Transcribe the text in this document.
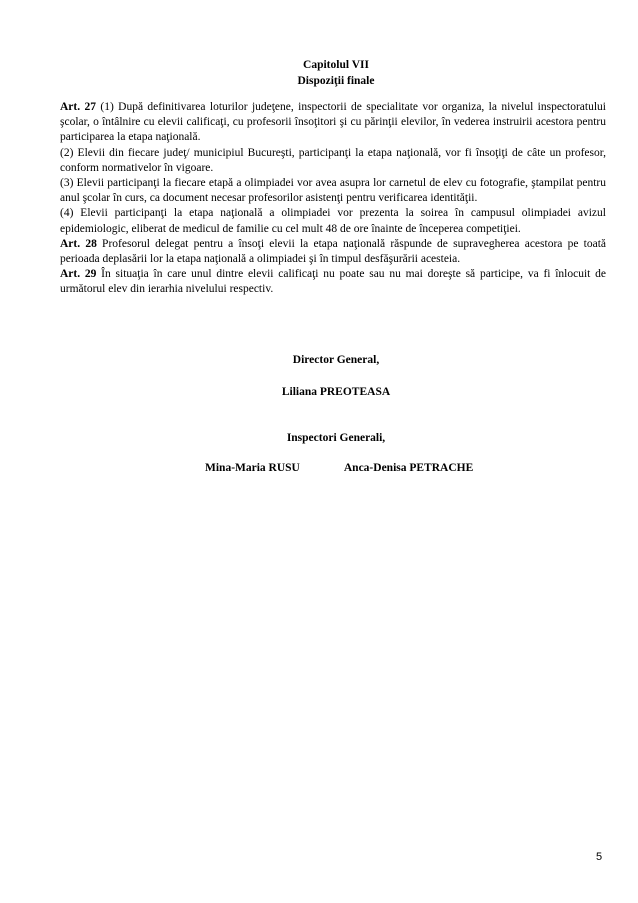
Capitolul VII
Dispoziţii finale

Art. 27 (1) După definitivarea loturilor judeţene, inspectorii de specialitate vor organiza, la nivelul inspectoratului şcolar, o întâlnire cu elevii calificaţi, cu profesorii însoţitori şi cu părinţii elevilor, în vederea instruirii acestora pentru participarea la etapa naţională.

(2) Elevii din fiecare judeţ/ municipiul Bucureşti, participanţi la etapa naţională, vor fi însoţiţi de câte un profesor, conform normativelor în vigoare.

(3) Elevii participanţi la fiecare etapă a olimpiadei vor avea asupra lor carnetul de elev cu fotografie, ştampilat pentru anul şcolar în curs, ca document necesar profesorilor asistenţi pentru verificarea identităţii.

(4) Elevii participanţi la etapa naţională a olimpiadei vor prezenta la soirea în campusul olimpiadei avizul epidemiologic, eliberat de medicul de familie cu cel mult 48 de ore înainte de începerea competiţiei.

Art. 28 Profesorul delegat pentru a însoţi elevii la etapa naţională răspunde de supravegherea acestora pe toată perioada deplasării lor la etapa naţională a olimpiadei şi în timpul desfăşurării acesteia.

Art. 29 În situaţia în care unul dintre elevii calificaţi nu poate sau nu mai doreşte să participe, va fi înlocuit de următorul elev din ierarhia nivelului respectiv.

Director General,
Liliana PREOTEASA
Inspectori Generali,
Mina-Maria RUSU	Anca-Denisa PETRACHE
5
